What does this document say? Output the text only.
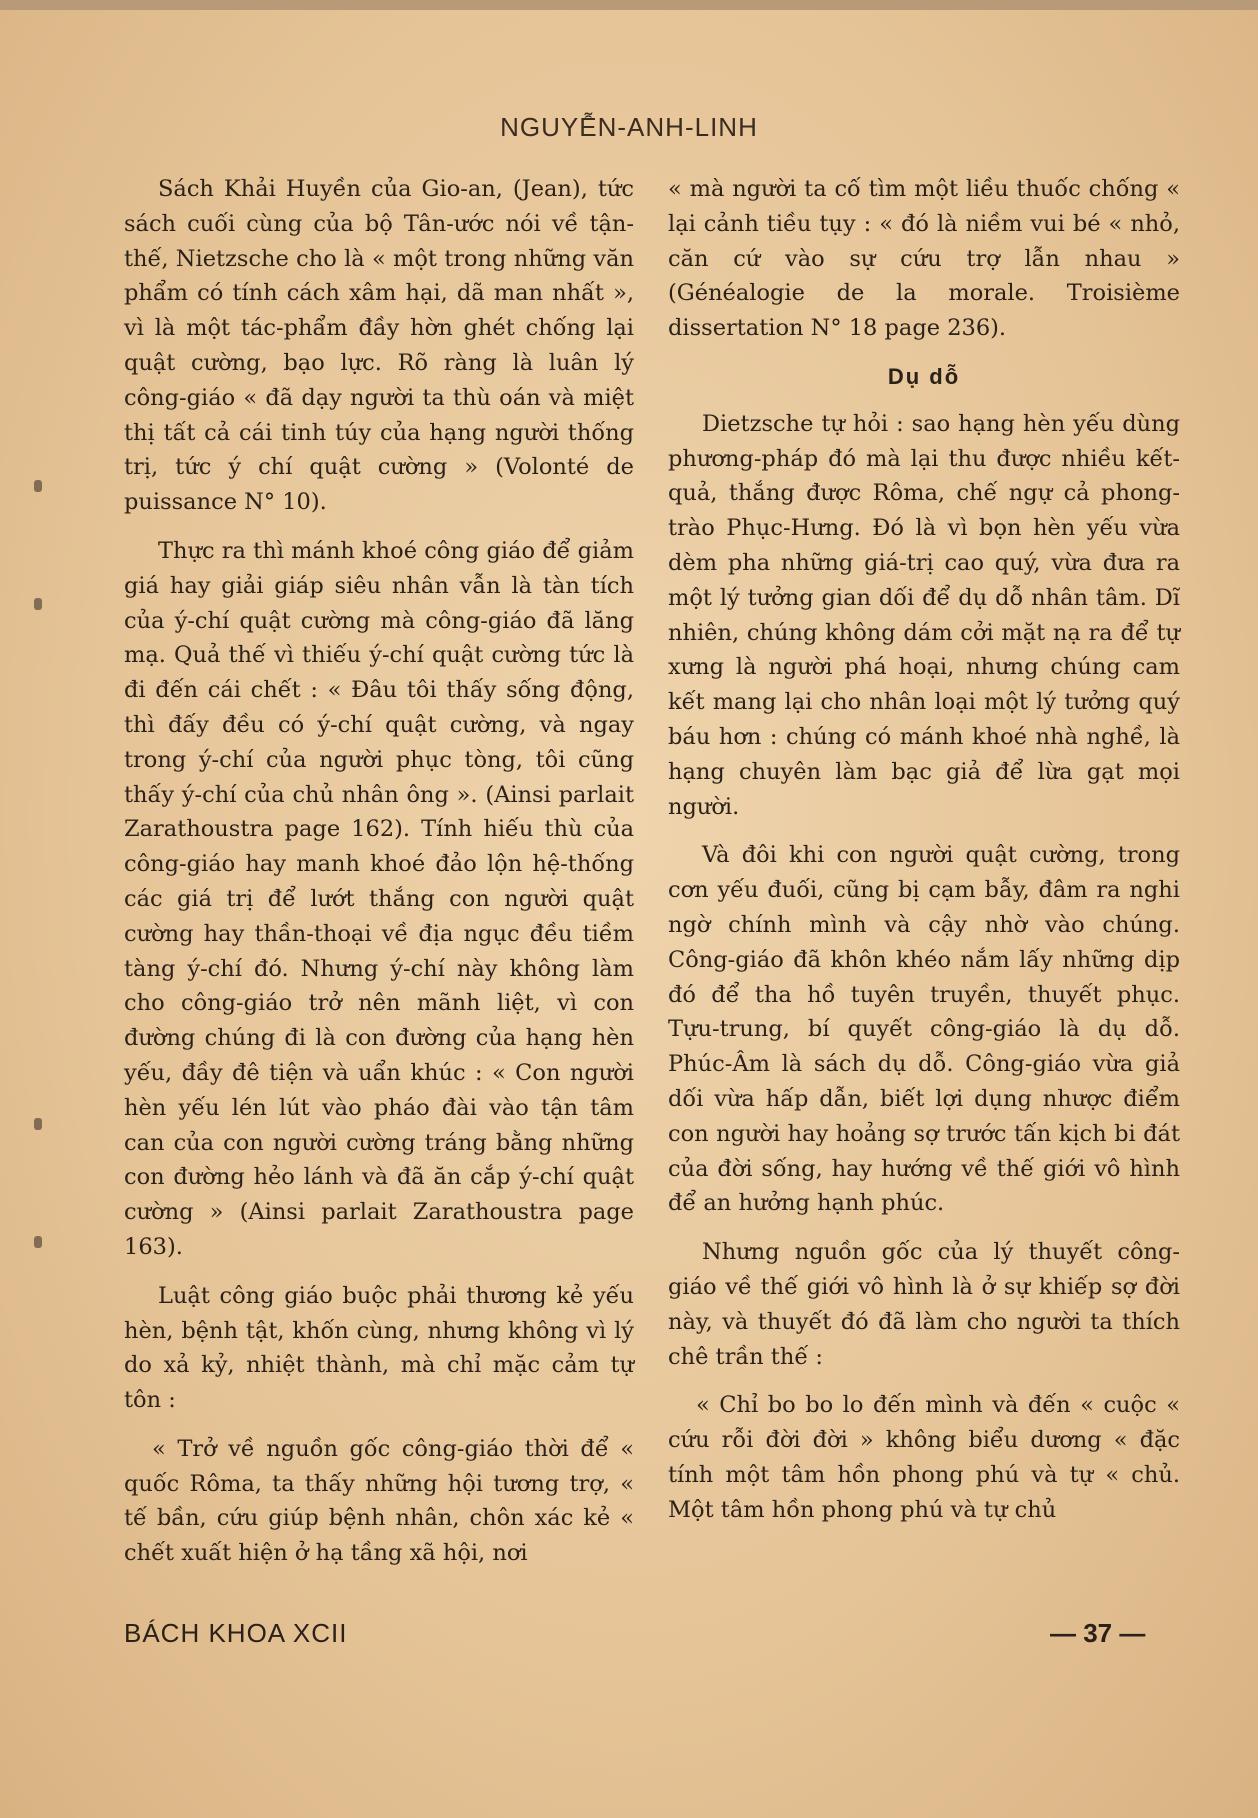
NGUYỄN-ANH-LINH

Sách Khải Huyền của Gio-an, (Jean), tức sách cuối cùng của bộ Tân-ước nói về tận-thế, Nietzsche cho là « một trong những văn phẩm có tính cách xâm hại, dã man nhất », vì là một tác-phẩm đầy hờn ghét chống lại quật cường, bạo lực. Rõ ràng là luân lý công-giáo « đã dạy người ta thù oán và miệt thị tất cả cái tinh túy của hạng người thống trị, tức ý chí quật cường » (Volonté de puissance N° 10).

Thực ra thì mánh khoé công giáo để giảm giá hay giải giáp siêu nhân vẫn là tàn tích của ý-chí quật cường mà công-giáo đã lăng mạ. Quả thế vì thiếu ý-chí quật cường tức là đi đến cái chết : « Đâu tôi thấy sống động, thì đấy đều có ý-chí quật cường, và ngay trong ý-chí của người phục tòng, tôi cũng thấy ý-chí của chủ nhân ông ». (Ainsi parlait Zarathoustra page 162). Tính hiếu thù của công-giáo hay manh khoé đảo lộn hệ-thống các giá trị để lướt thắng con người quật cường hay thần-thoại về địa ngục đều tiềm tàng ý-chí đó. Nhưng ý-chí này không làm cho công-giáo trở nên mãnh liệt, vì con đường chúng đi là con đường của hạng hèn yếu, đầy đê tiện và uẩn khúc : « Con người hèn yếu lén lút vào pháo đài vào tận tâm can của con người cường tráng bằng những con đường hẻo lánh và đã ăn cắp ý-chí quật cường » (Ainsi parlait Zarathoustra page 163).

Luật công giáo buộc phải thương kẻ yếu hèn, bệnh tật, khốn cùng, nhưng không vì lý do xả kỷ, nhiệt thành, mà chỉ mặc cảm tự tôn :

« Trở về nguồn gốc công-giáo thời để « quốc Rôma, ta thấy những hội tương trợ, « tế bần, cứu giúp bệnh nhân, chôn xác kẻ « chết xuất hiện ở hạ tầng xã hội, nơi

« mà người ta cố tìm một liều thuốc chống « lại cảnh tiều tụy : « đó là niềm vui bé « nhỏ, căn cứ vào sự cứu trợ lẫn nhau » (Généalogie de la morale. Troisième dissertation N° 18 page 236).

Dụ dỗ

Dietzsche tự hỏi : sao hạng hèn yếu dùng phương-pháp đó mà lại thu được nhiều kết-quả, thắng được Rôma, chế ngự cả phong-trào Phục-Hưng. Đó là vì bọn hèn yếu vừa dèm pha những giá-trị cao quý, vừa đưa ra một lý tưởng gian dối để dụ dỗ nhân tâm. Dĩ nhiên, chúng không dám cởi mặt nạ ra để tự xưng là người phá hoại, nhưng chúng cam kết mang lại cho nhân loại một lý tưởng quý báu hơn : chúng có mánh khoé nhà nghề, là hạng chuyên làm bạc giả để lừa gạt mọi người.

Và đôi khi con người quật cường, trong cơn yếu đuối, cũng bị cạm bẫy, đâm ra nghi ngờ chính mình và cậy nhờ vào chúng. Công-giáo đã khôn khéo nắm lấy những dịp đó để tha hồ tuyên truyền, thuyết phục. Tựu-trung, bí quyết công-giáo là dụ dỗ. Phúc-Âm là sách dụ dỗ. Công-giáo vừa giả dối vừa hấp dẫn, biết lợi dụng nhược điểm con người hay hoảng sợ trước tấn kịch bi đát của đời sống, hay hướng về thế giới vô hình để an hưởng hạnh phúc.

Nhưng nguồn gốc của lý thuyết công-giáo về thế giới vô hình là ở sự khiếp sợ đời này, và thuyết đó đã làm cho người ta thích chê trần thế :

« Chỉ bo bo lo đến mình và đến « cuộc « cứu rỗi đời đời » không biểu dương « đặc tính một tâm hồn phong phú và tự « chủ. Một tâm hồn phong phú và tự chủ

BÁCH KHOA XCII	— 37 —
